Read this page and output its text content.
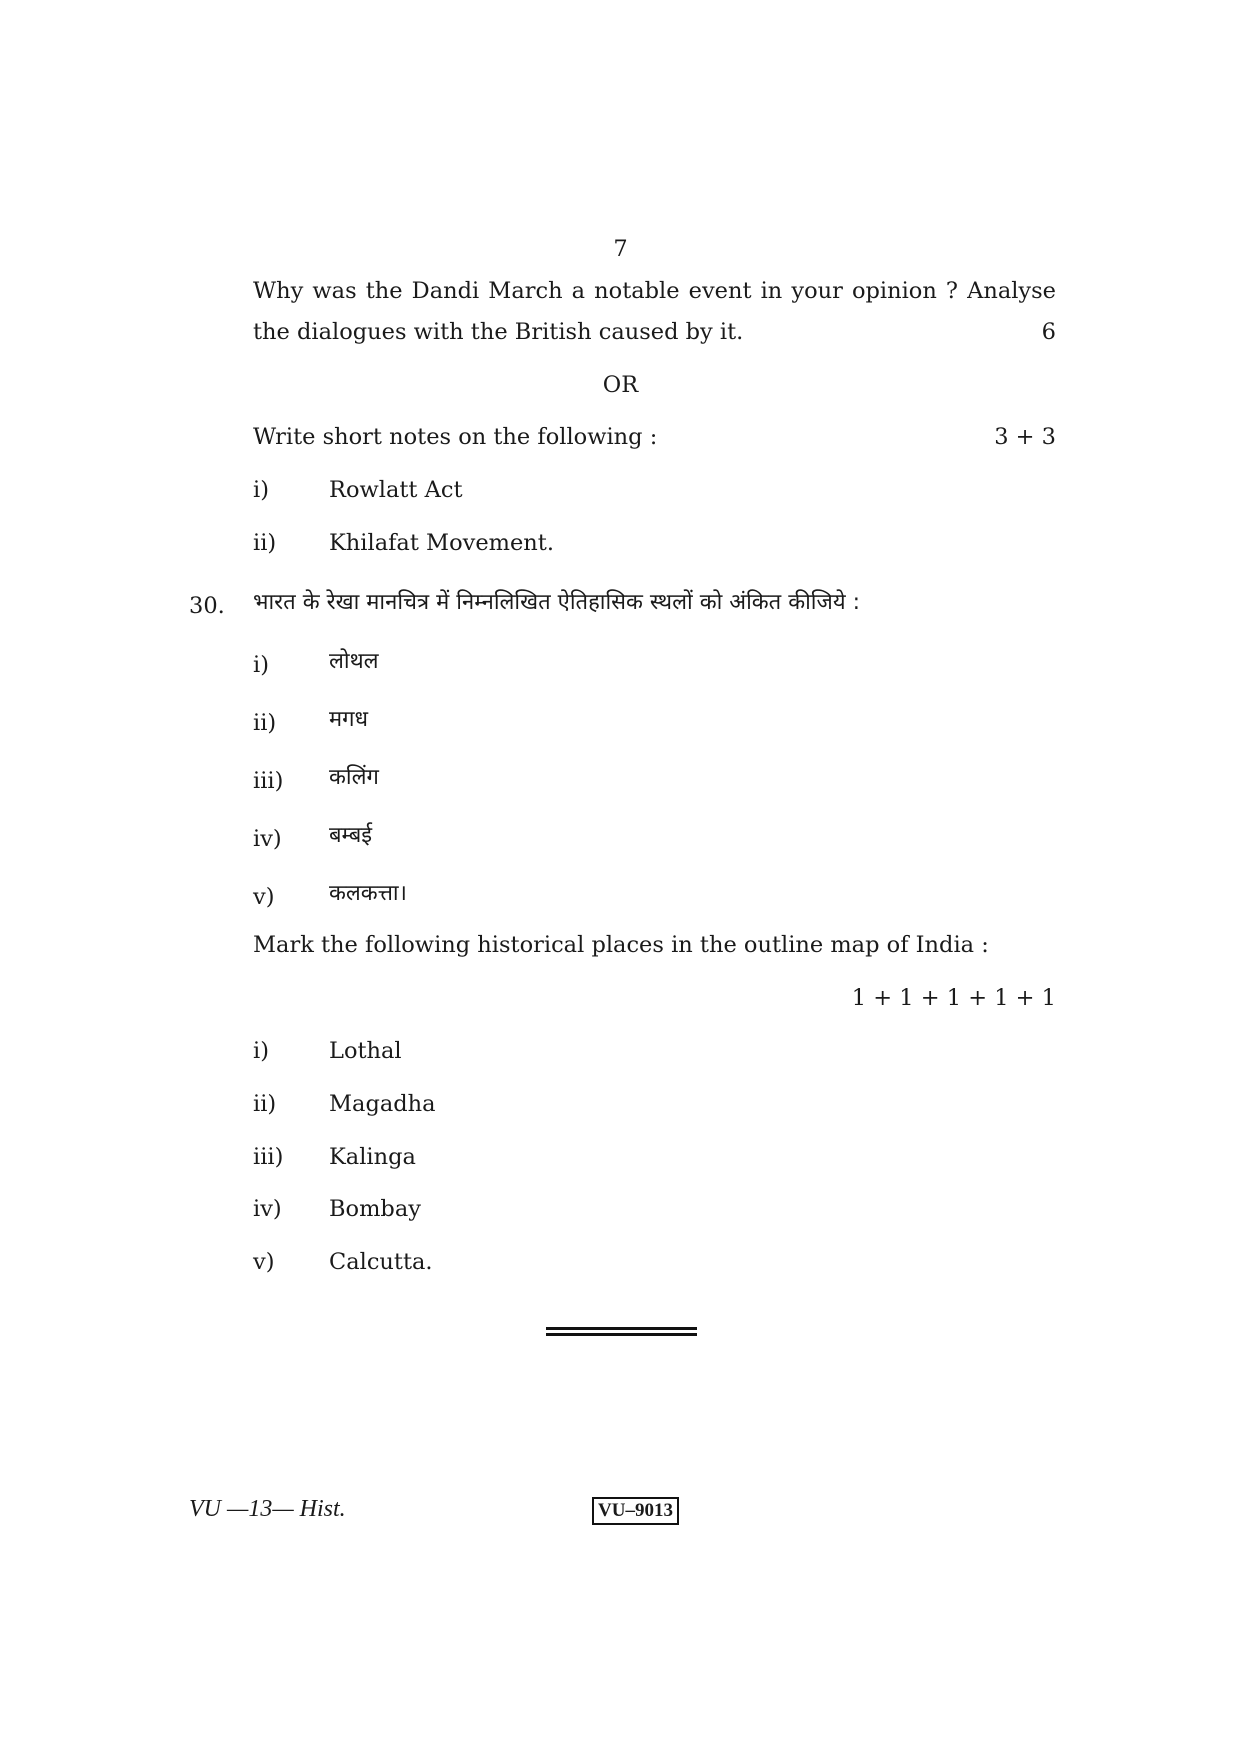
7
Why was the Dandi March a notable event in your opinion ? Analyse
the dialogues with the British caused by it.	6
OR
Write short notes on the following :	3 + 3
i)	Rowlatt Act
ii) Khilafat Movement.
30. भारत के रेखा मानचित्र में निम्नलिखित ऐतिहासिक स्थलों को अंकित कीजिये :
i)	लोथल
ii) मगध
iii) कलिंग
iv) बम्बई
v) कलकत्ता।
Mark the following historical places in the outline map of India :
1 + 1 + 1 + 1 + 1
i)	Lothal
ii) Magadha
iii) Kalinga
iv) Bombay
v) Calcutta.
VU —13— Hist.	VU–9013
